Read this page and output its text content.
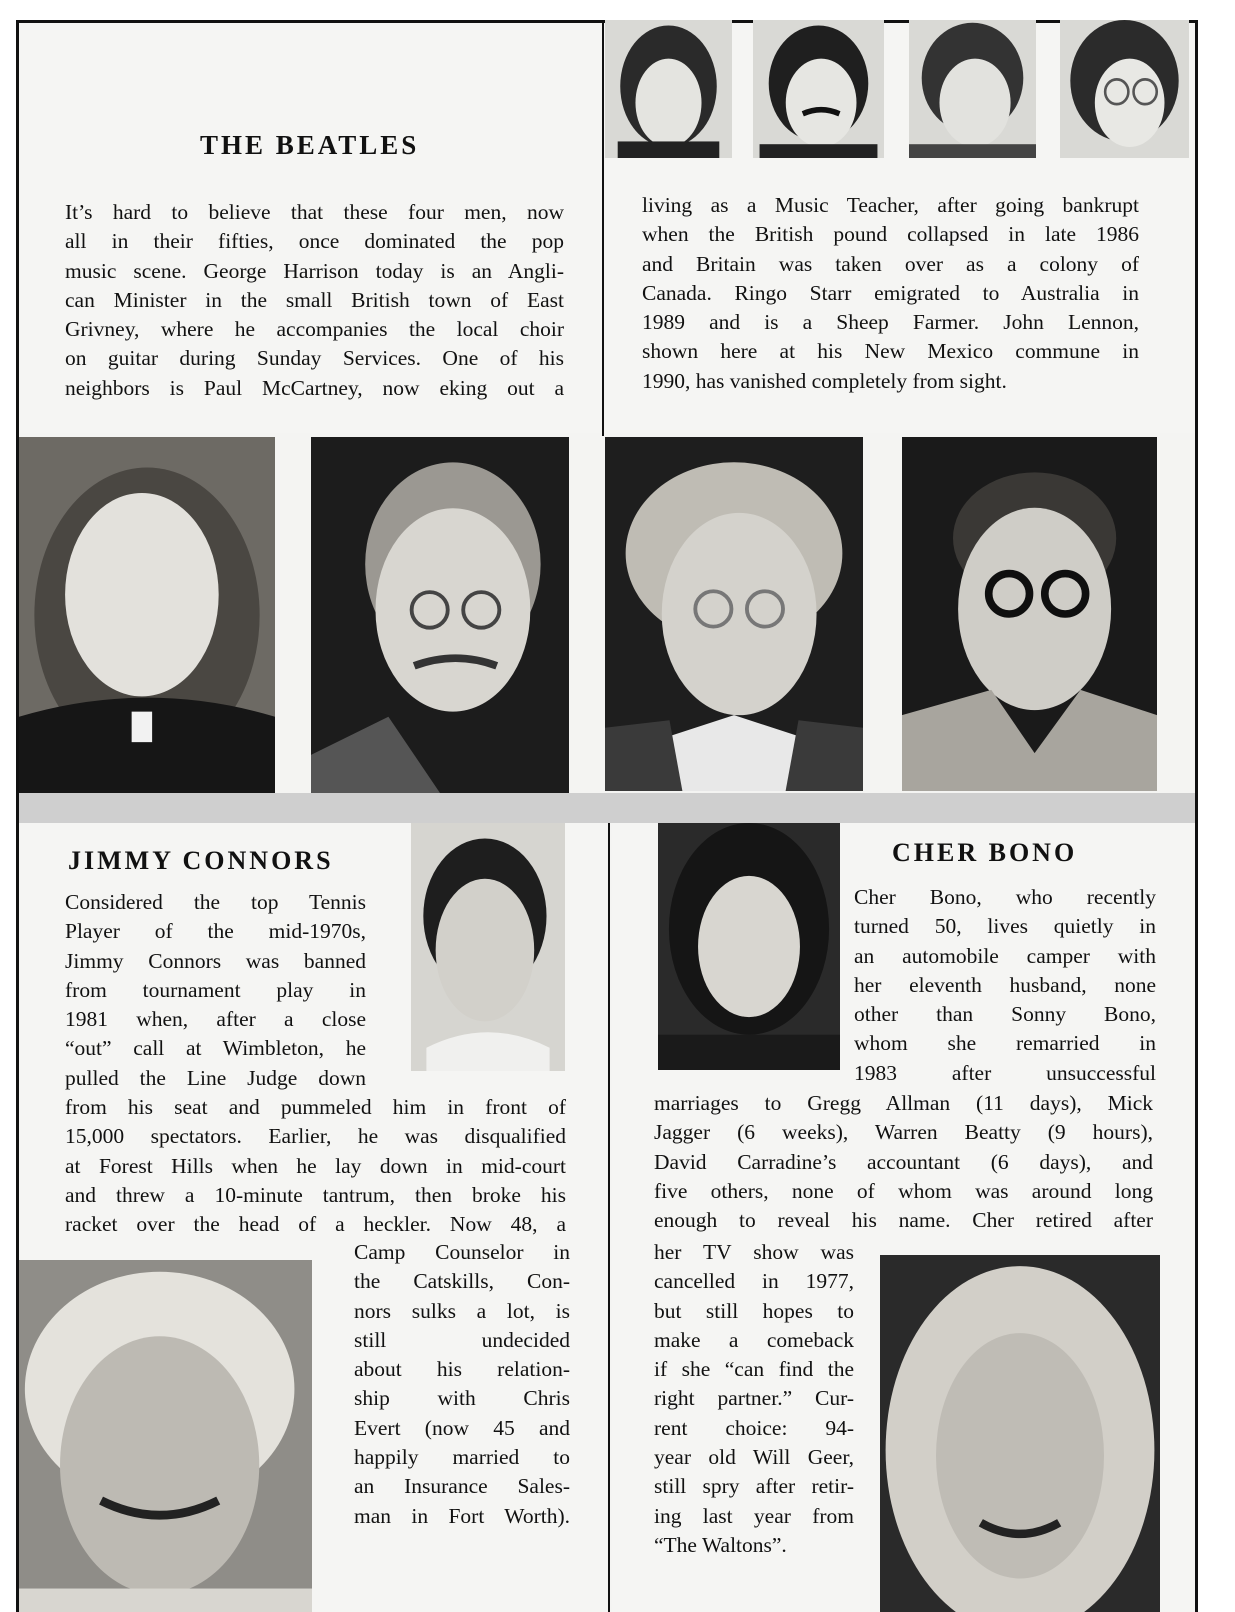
THE BEATLES
It’s hard to believe that these four men, now
all in their fifties, once dominated the pop
music scene. George Harrison today is an Angli-
can Minister in the small British town of East
Grivney, where he accompanies the local choir
on guitar during Sunday Services. One of his
neighbors is Paul McCartney, now eking out a
living as a Music Teacher, after going bankrupt
when the British pound collapsed in late 1986
and Britain was taken over as a colony of
Canada. Ringo Starr emigrated to Australia in
1989 and is a Sheep Farmer. John Lennon,
shown here at his New Mexico commune in
1990, has vanished completely from sight.
JIMMY CONNORS
Considered the top Tennis
Player of the mid-1970s,
Jimmy Connors was banned
from tournament play in
1981 when, after a close
“out” call at Wimbleton, he
pulled the Line Judge down
from his seat and pummeled him in front of
15,000 spectators. Earlier, he was disqualified
at Forest Hills when he lay down in mid-court
and threw a 10-minute tantrum, then broke his
racket over the head of a heckler. Now 48, a
Camp Counselor in
the Catskills, Con-
nors sulks a lot, is
still undecided
about his relation-
ship with Chris
Evert (now 45 and
happily married to
an Insurance Sales-
man in Fort Worth).
CHER BONO
Cher Bono, who recently
turned 50, lives quietly in
an automobile camper with
her eleventh husband, none
other than Sonny Bono,
whom she remarried in
1983 after unsuccessful
marriages to Gregg Allman (11 days), Mick
Jagger (6 weeks), Warren Beatty (9 hours),
David Carradine’s accountant (6 days), and
five others, none of whom was around long
enough to reveal his name. Cher retired after
her TV show was
cancelled in 1977,
but still hopes to
make a comeback
if she “can find the
right partner.” Cur-
rent choice: 94-
year old Will Geer,
still spry after retir-
ing last year from
“The Waltons”.
